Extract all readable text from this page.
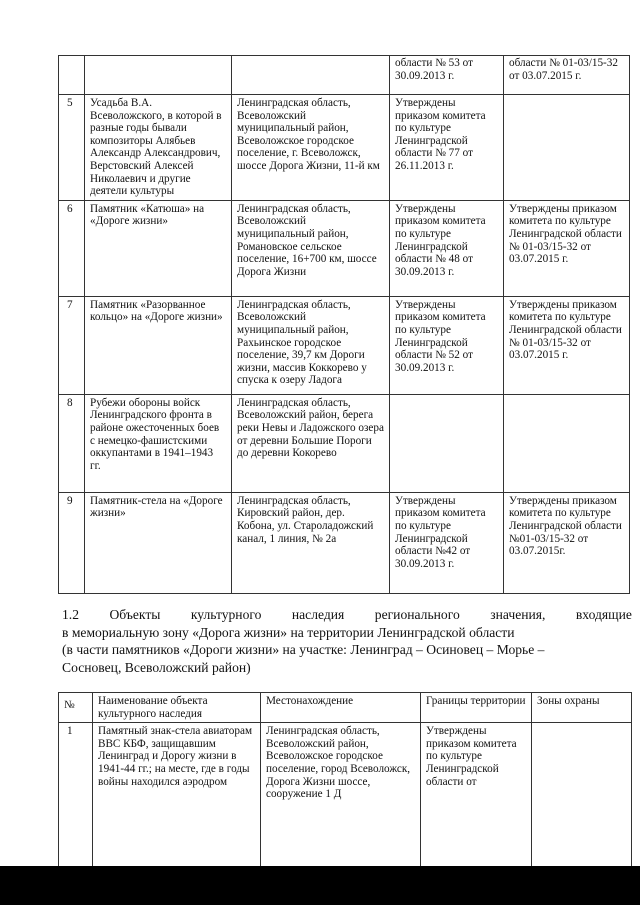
			области № 53 от 30.09.2013 г.	области № 01-03/15-32 от 03.07.2015 г.
5	Усадьба В.А. Всеволожского, в которой в разные годы бывали композиторы Алябьев Александр Александрович, Верстовский Алексей Николаевич и другие деятели культуры	Ленинградская область, Всеволожский муниципальный район, Всеволожское городское поселение, г. Всеволожск, шоссе Дорога Жизни, 11-й км	Утверждены приказом комитета по культуре Ленинградской области № 77 от 26.11.2013 г.	
6	Памятник «Катюша» на «Дороге жизни»	Ленинградская область, Всеволожский муниципальный район, Романовское сельское поселение, 16+700 км, шоссе Дорога Жизни	Утверждены приказом комитета по культуре Ленинградской области № 48 от 30.09.2013 г.	Утверждены приказом комитета по культуре Ленинградской области № 01-03/15-32 от 03.07.2015 г.
7	Памятник «Разорванное кольцо» на «Дороге жизни»	Ленинградская область, Всеволожский муниципальный район, Рахьинское городское поселение, 39,7 км Дороги жизни, массив Коккорево у спуска к озеру Ладога	Утверждены приказом комитета по культуре Ленинградской области № 52 от 30.09.2013 г.	Утверждены приказом комитета по культуре Ленинградской области № 01-03/15-32 от 03.07.2015 г.
8	Рубежи обороны войск Ленинградского фронта в районе ожесточенных боев с немецко-фашистскими оккупантами в 1941–1943 гг.	Ленинградская область, Всеволожский район, берега реки Невы и Ладожского озера от деревни Большие Пороги до деревни Кокорево		
9	Памятник-стела на «Дороге жизни»	Ленинградская область, Кировский район, дер. Кобона, ул. Староладожский канал, 1 линия, № 2а	Утверждены приказом комитета по культуре Ленинградской области №42 от 30.09.2013 г.	Утверждены приказом комитета по культуре Ленинградской области №01-03/15-32 от 03.07.2015г.
1.2 Объекты культурного наследия регионального значения, входящие
в мемориальную зону «Дорога жизни» на территории Ленинградской области
(в части памятников «Дороги жизни» на участке: Ленинград – Осиновец – Морье –
Сосновец, Всеволожский район)
№	Наименование объекта культурного наследия	Местонахождение	Границы территории	Зоны охраны
1	Памятный знак-стела авиаторам ВВС КБФ, защищавшим Ленинград и Дорогу жизни в 1941-44 гг.; на месте, где в годы войны находился аэродром	Ленинградская область, Всеволожский район, Всеволожское городское поселение, город Всеволожск, Дорога Жизни шоссе, сооружение 1 Д	Утверждены приказом комитета по культуре Ленинградской области от	
